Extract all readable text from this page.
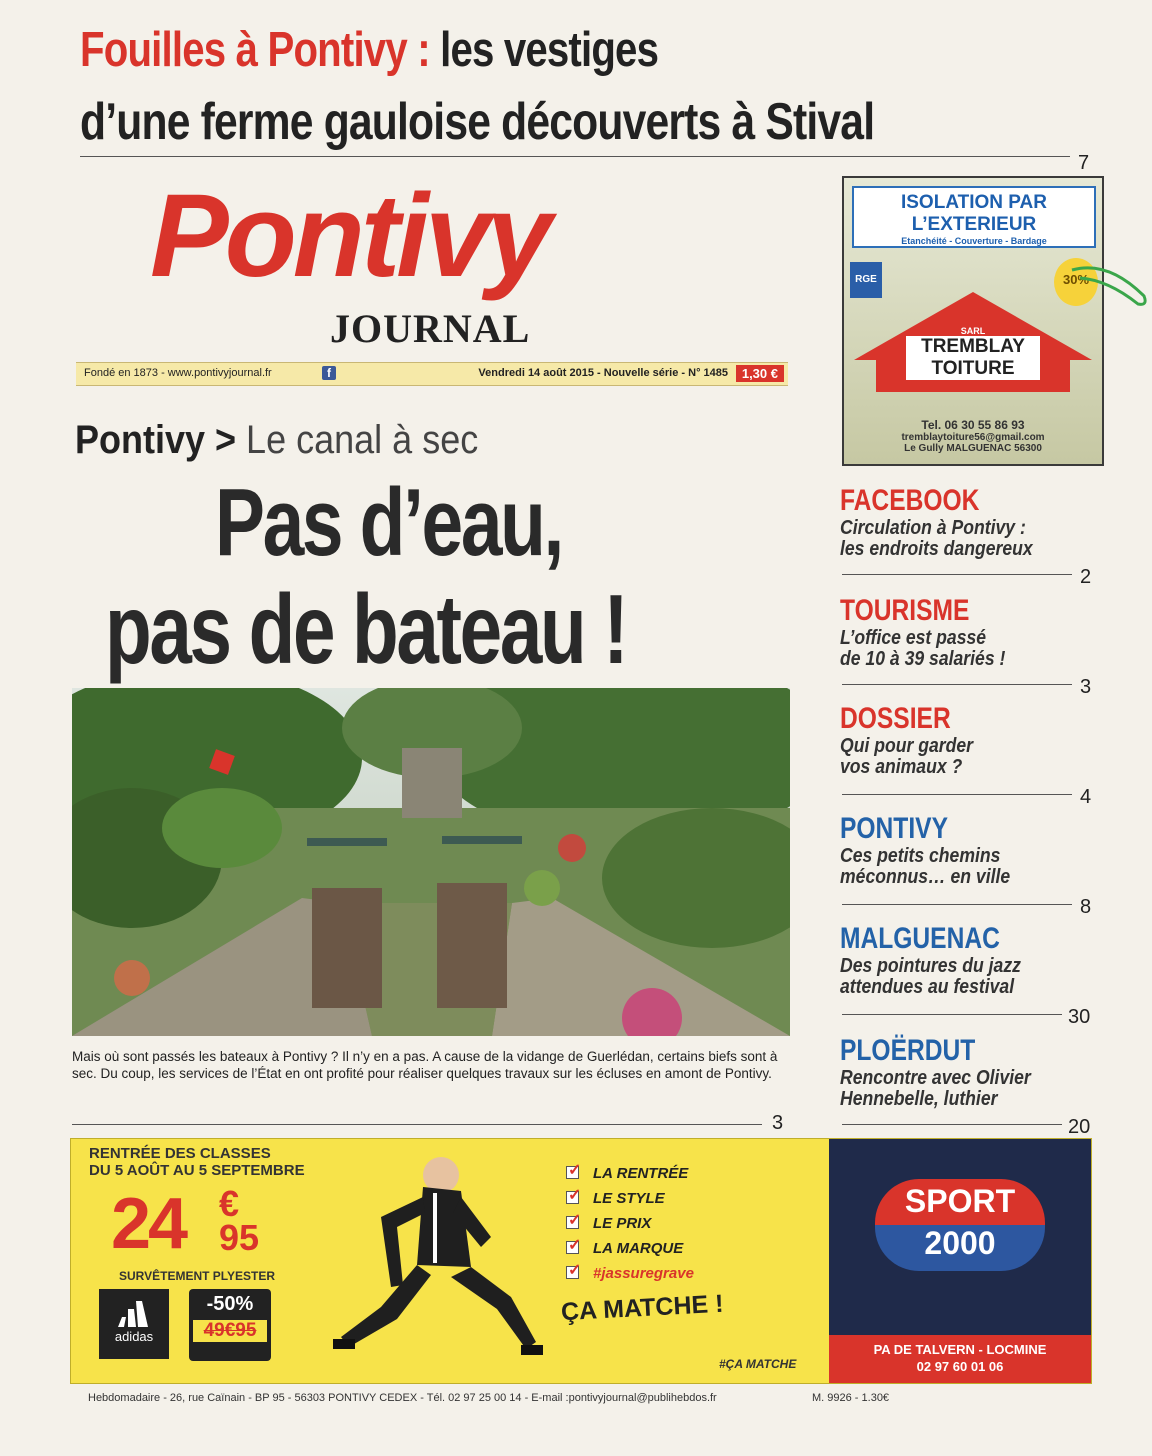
Fouilles à Pontivy : les vestiges
d’une ferme gauloise découverts à Stival
7
Pontivy
JOURNAL
Fondé en 1873 - www.pontivyjournal.fr	f	Vendredi 14 août 2015 - Nouvelle série - N° 1485	1,30 €
Pontivy > Le canal à sec
Pas d’eau,
pas de bateau !
Mais où sont passés les bateaux à Pontivy ? Il n’y en a pas. A cause de la vidange de Guerlédan, certains biefs sont à sec. Du coup, les services de l’État en ont profité pour réaliser quelques travaux sur les écluses en amont de Pontivy.
3
ISOLATION PAR
L’EXTERIEUR
Etanchéité - Couverture - Bardage
RGE	30%
SARL
TREMBLAY
TOITURE
Tel. 06 30 55 86 93
tremblaytoiture56@gmail.com
Le Gully MALGUENAC 56300
FACEBOOK
Circulation à Pontivy :
les endroits dangereux
2
TOURISME
L’office est passé
de 10 à 39 salariés !
3
DOSSIER
Qui pour garder
vos animaux ?
4
PONTIVY
Ces petits chemins
méconnus… en ville
8
MALGUENAC
Des pointures du jazz
attendues au festival
30
PLOËRDUT
Rencontre avec Olivier
Hennebelle, luthier
20
RENTRÉE DES CLASSES
DU 5 AOÛT AU 5 SEPTEMBRE
24 €
95
SURVÊTEMENT PLYESTER
adidas
-50%
49€95
✓ LA RENTRÉE
✓ LE STYLE
✓ LE PRIX
✓ LA MARQUE
✓ #jassuregrave
ÇA MATCHE !
#ÇA MATCHE
SPORT
2000
PA DE TALVERN - LOCMINE
02 97 60 01 06
Hebdomadaire - 26, rue Caïnain - BP 95 - 56303 PONTIVY CEDEX - Tél. 02 97 25 00 14 - E-mail :pontivyjournal@publihebdos.fr	M. 9926 - 1.30€
